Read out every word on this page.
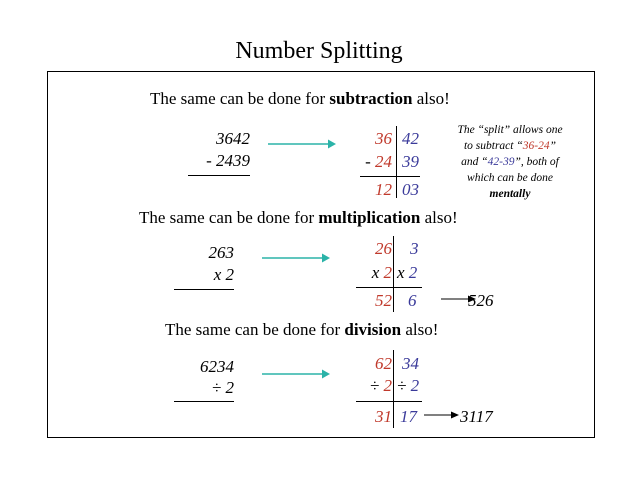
Number Splitting
The same can be done for subtraction also!
3642
- 2439
36 42
- 24 39
12 03
The “split” allows one
to subtract “36-24”
and “42-39”, both of
which can be done
mentally
The same can be done for multiplication also!
263
x 2
26 3
x 2 x 2
52 6	526
The same can be done for division also!
6234
÷ 2
62 34
÷ 2 ÷ 2
31 17	3117
